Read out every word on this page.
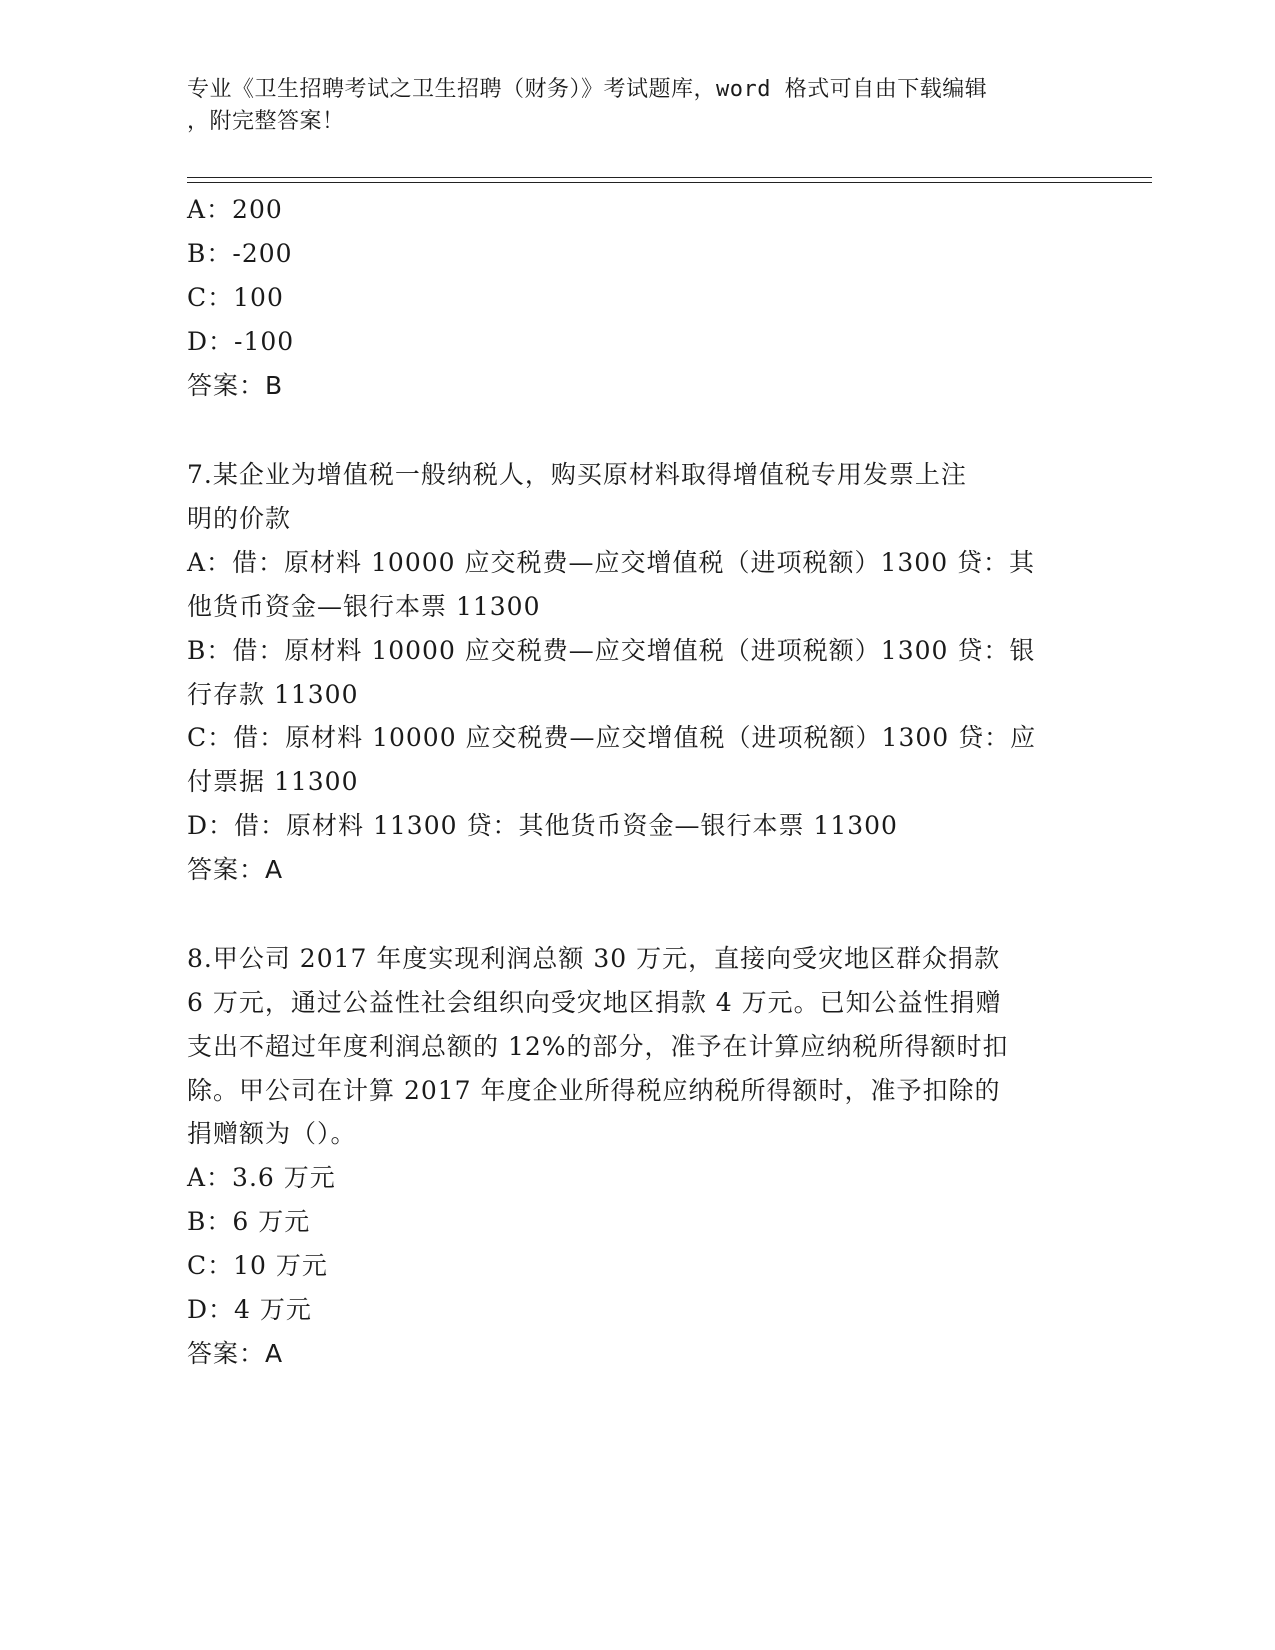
专业《卫生招聘考试之卫生招聘（财务）》考试题库，word 格式可自由下载编辑
，附完整答案！
A：200
B：-200
C：100
D：-100
答案：B
7.某企业为增值税一般纳税人，购买原材料取得增值税专用发票上注
明的价款
A：借：原材料 10000 应交税费—应交增值税（进项税额）1300 贷：其
他货币资金—银行本票 11300
B：借：原材料 10000 应交税费—应交增值税（进项税额）1300 贷：银
行存款 11300
C：借：原材料 10000 应交税费—应交增值税（进项税额）1300 贷：应
付票据 11300
D：借：原材料 11300 贷：其他货币资金—银行本票 11300
答案：A
8.甲公司 2017 年度实现利润总额 30 万元，直接向受灾地区群众捐款
6 万元，通过公益性社会组织向受灾地区捐款 4 万元。已知公益性捐赠
支出不超过年度利润总额的 12%的部分，准予在计算应纳税所得额时扣
除。甲公司在计算 2017 年度企业所得税应纳税所得额时，准予扣除的
捐赠额为（）。
A：3.6 万元
B：6 万元
C：10 万元
D：4 万元
答案：A
